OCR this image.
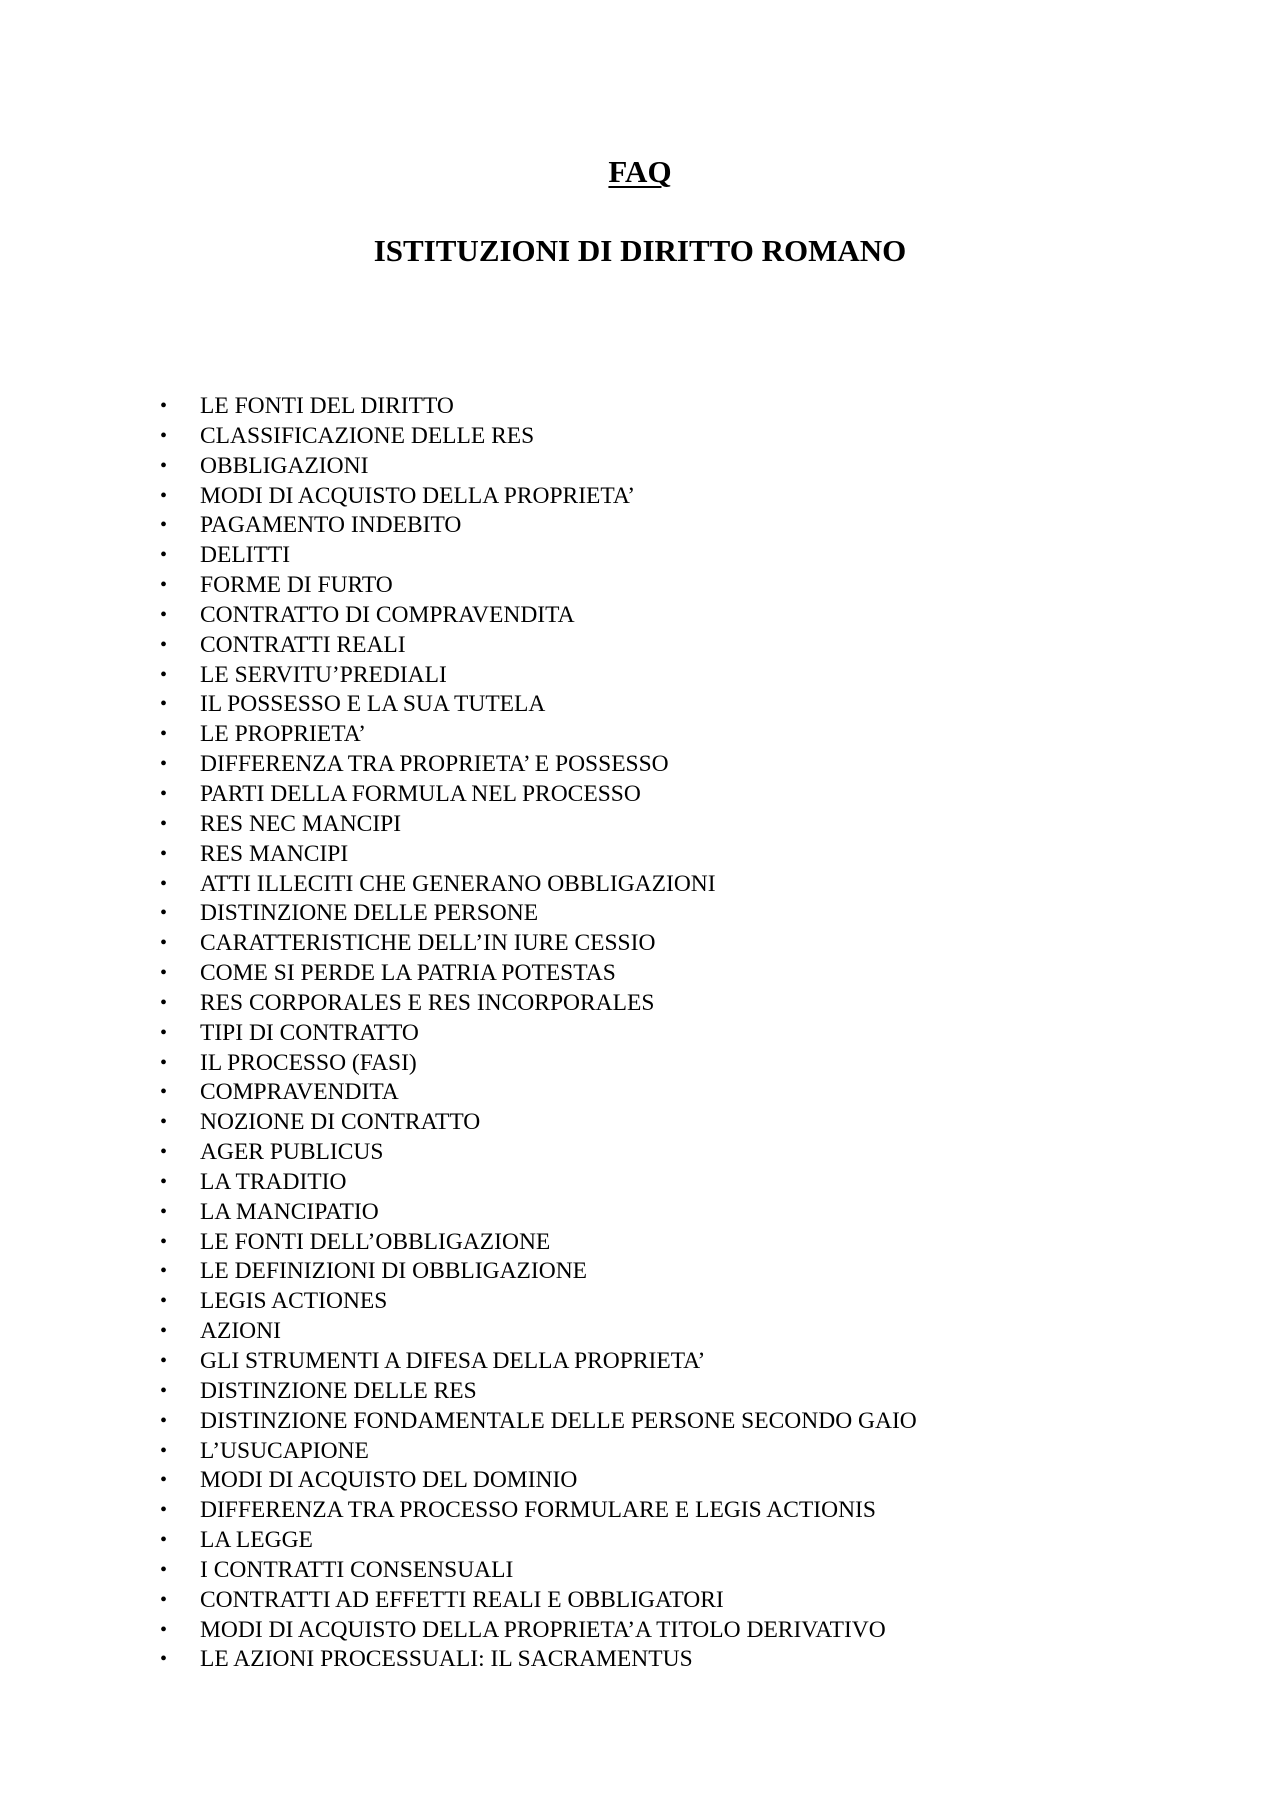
FAQ
ISTITUZIONI DI DIRITTO ROMANO
• LE FONTI DEL DIRITTO
• CLASSIFICAZIONE DELLE RES
• OBBLIGAZIONI
• MODI DI ACQUISTO DELLA PROPRIETA’
• PAGAMENTO INDEBITO
• DELITTI
• FORME DI FURTO
• CONTRATTO DI COMPRAVENDITA
• CONTRATTI REALI
• LE SERVITU’PREDIALI
• IL POSSESSO E LA SUA TUTELA
• LE PROPRIETA’
• DIFFERENZA TRA PROPRIETA’ E POSSESSO
• PARTI DELLA FORMULA NEL PROCESSO
• RES NEC MANCIPI
• RES MANCIPI
• ATTI ILLECITI CHE GENERANO OBBLIGAZIONI
• DISTINZIONE DELLE PERSONE
• CARATTERISTICHE DELL’IN IURE CESSIO
• COME SI PERDE LA PATRIA POTESTAS
• RES CORPORALES E RES INCORPORALES
• TIPI DI CONTRATTO
• IL PROCESSO (FASI)
• COMPRAVENDITA
• NOZIONE DI CONTRATTO
• AGER PUBLICUS
• LA TRADITIO
• LA MANCIPATIO
• LE FONTI DELL’OBBLIGAZIONE
• LE DEFINIZIONI DI OBBLIGAZIONE
• LEGIS ACTIONES
• AZIONI
• GLI STRUMENTI A DIFESA DELLA PROPRIETA’
• DISTINZIONE DELLE RES
• DISTINZIONE FONDAMENTALE DELLE PERSONE SECONDO GAIO
• L’USUCAPIONE
• MODI DI ACQUISTO DEL DOMINIO
• DIFFERENZA TRA PROCESSO FORMULARE E LEGIS ACTIONIS
• LA LEGGE
• I CONTRATTI CONSENSUALI
• CONTRATTI AD EFFETTI REALI E OBBLIGATORI
• MODI DI ACQUISTO DELLA PROPRIETA’A TITOLO DERIVATIVO
• LE AZIONI PROCESSUALI: IL SACRAMENTUS
